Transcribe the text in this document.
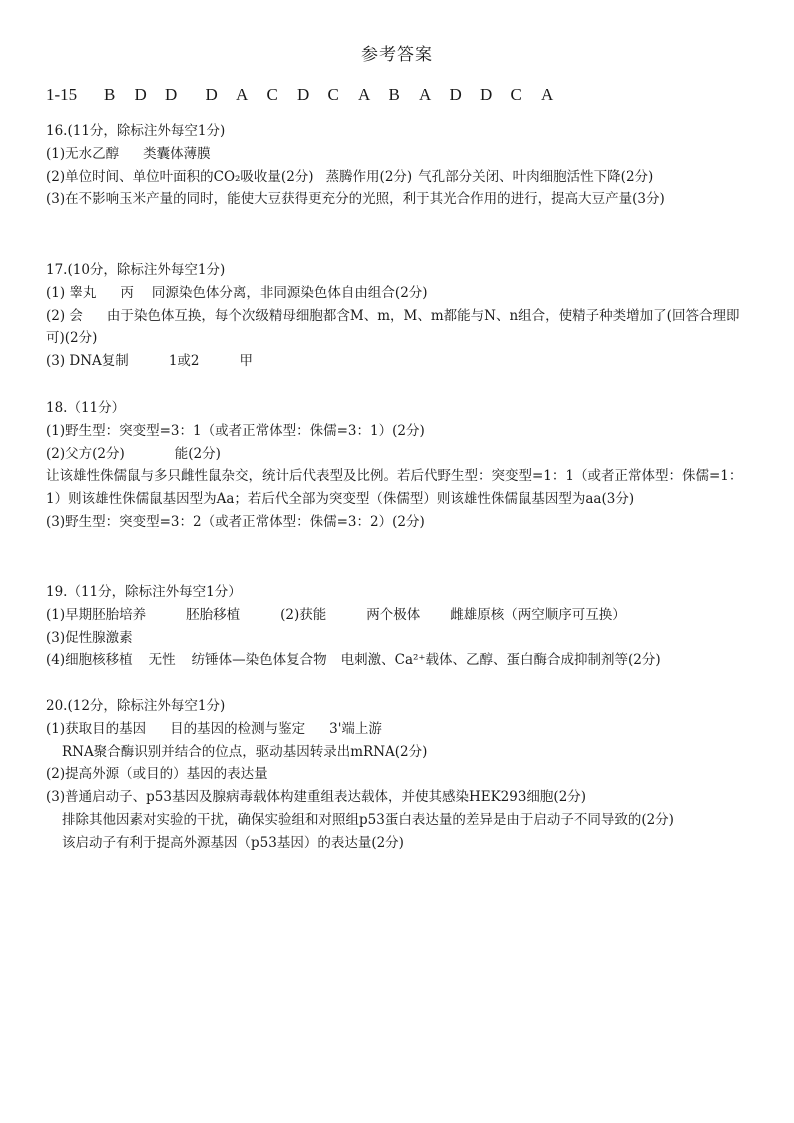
参考答案
1-15	B	D	D	D	A	C	D	C	A	B	A	D	D	C	A
16.(11分，除标注外每空1分)
(1)无水乙醇 类囊体薄膜
(2)单位时间、单位叶面积的CO₂吸收量(2分) 蒸腾作用(2分) 气孔部分关闭、叶肉细胞活性下降(2分)
(3)在不影响玉米产量的同时，能使大豆获得更充分的光照，利于其光合作用的进行，提高大豆产量(3分)
17.(10分，除标注外每空1分)
(1) 睾丸 丙 同源染色体分离，非同源染色体自由组合(2分)
(2) 会 由于染色体互换，每个次级精母细胞都含M、m，M、m都能与N、n组合，使精子种类增加了(回答合理即可)(2分)
(3) DNA复制	1或2	甲
18.（11分）
(1)野生型：突变型=3：1（或者正常体型：侏儒=3：1）(2分)
(2)父方(2分)	能(2分)
让该雄性侏儒鼠与多只雌性鼠杂交，统计后代表型及比例。若后代野生型：突变型=1：1（或者正常体型：侏儒=1：1）则该雄性侏儒鼠基因型为Aa；若后代全部为突变型（侏儒型）则该雄性侏儒鼠基因型为aa(3分)
(3)野生型：突变型=3：2（或者正常体型：侏儒=3：2）(2分)
19.（11分，除标注外每空1分）
(1)早期胚胎培养	胚胎移植	(2)获能	两个极体 雌雄原核（两空顺序可互换）
(3)促性腺激素
(4)细胞核移植 无性 纺锤体—染色体复合物 电刺激、Ca²⁺载体、乙醇、蛋白酶合成抑制剂等(2分)
20.(12分，除标注外每空1分)
(1)获取目的基因 目的基因的检测与鉴定 3'端上游
RNA聚合酶识别并结合的位点，驱动基因转录出mRNA(2分)
(2)提高外源（或目的）基因的表达量
(3)普通启动子、p53基因及腺病毒载体构建重组表达载体，并使其感染HEK293细胞(2分)
排除其他因素对实验的干扰，确保实验组和对照组p53蛋白表达量的差异是由于启动子不同导致的(2分)
该启动子有利于提高外源基因（p53基因）的表达量(2分)
